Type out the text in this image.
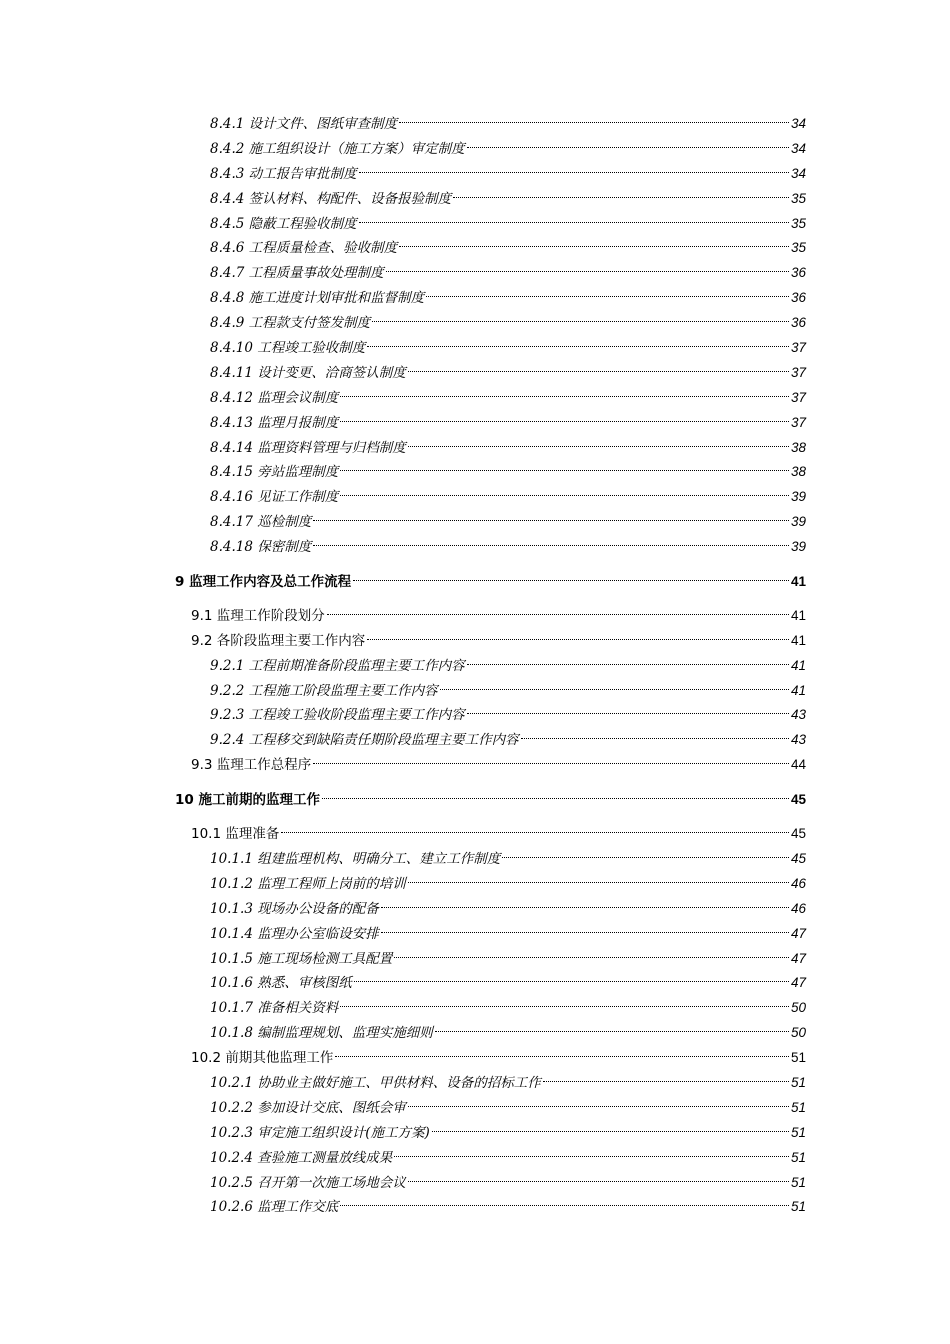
8.4.1 设计文件、图纸审查制度	34
8.4.2 施工组织设计（施工方案）审定制度	34
8.4.3 动工报告审批制度	34
8.4.4 签认材料、构配件、设备报验制度	35
8.4.5 隐蔽工程验收制度	35
8.4.6 工程质量检查、验收制度	35
8.4.7 工程质量事故处理制度	36
8.4.8 施工进度计划审批和监督制度	36
8.4.9 工程款支付签发制度	36
8.4.10 工程竣工验收制度	37
8.4.11 设计变更、洽商签认制度	37
8.4.12 监理会议制度	37
8.4.13 监理月报制度	37
8.4.14 监理资料管理与归档制度	38
8.4.15 旁站监理制度	38
8.4.16 见证工作制度	39
8.4.17 巡检制度	39
8.4.18 保密制度	39
9 监理工作内容及总工作流程	41
9.1 监理工作阶段划分	41
9.2 各阶段监理主要工作内容	41
9.2.1 工程前期准备阶段监理主要工作内容	41
9.2.2 工程施工阶段监理主要工作内容	41
9.2.3 工程竣工验收阶段监理主要工作内容	43
9.2.4 工程移交到缺陷责任期阶段监理主要工作内容	43
9.3 监理工作总程序	44
10 施工前期的监理工作	45
10.1 监理准备	45
10.1.1 组建监理机构、明确分工、建立工作制度	45
10.1.2 监理工程师上岗前的培训	46
10.1.3 现场办公设备的配备	46
10.1.4 监理办公室临设安排	47
10.1.5 施工现场检测工具配置	47
10.1.6 熟悉、审核图纸	47
10.1.7 准备相关资料	50
10.1.8 编制监理规划、监理实施细则	50
10.2 前期其他监理工作	51
10.2.1 协助业主做好施工、甲供材料、设备的招标工作	51
10.2.2 参加设计交底、图纸会审	51
10.2.3 审定施工组织设计(施工方案)	51
10.2.4 查验施工测量放线成果	51
10.2.5 召开第一次施工场地会议	51
10.2.6 监理工作交底	51
